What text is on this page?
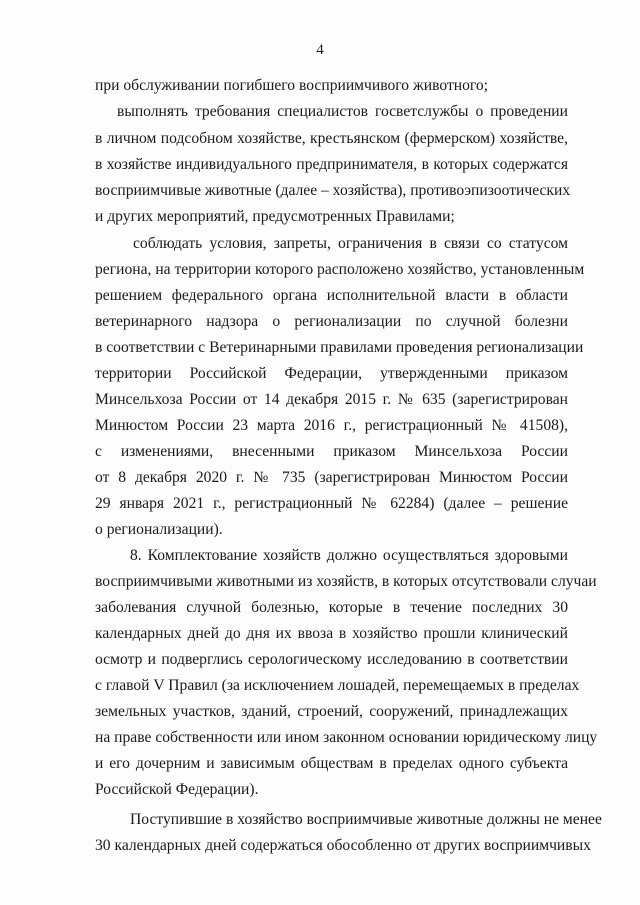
4
при обслуживании погибшего восприимчивого животного;
выполнять требования специалистов госветслужбы о проведении
в личном подсобном хозяйстве, крестьянском (фермерском) хозяйстве,
в хозяйстве индивидуального предпринимателя, в которых содержатся
восприимчивые животные (далее – хозяйства), противоэпизоотических
и других мероприятий, предусмотренных Правилами;
соблюдать условия, запреты, ограничения в связи со статусом
региона, на территории которого расположено хозяйство, установленным
решением федерального органа исполнительной власти в области
ветеринарного надзора о регионализации по случной болезни
в соответствии с Ветеринарными правилами проведения регионализации
территории Российской Федерации, утвержденными приказом
Минсельхоза России от 14 декабря 2015 г. № 635 (зарегистрирован
Минюстом России 23 марта 2016 г., регистрационный № 41508),
с изменениями, внесенными приказом Минсельхоза России
от 8 декабря 2020 г. № 735 (зарегистрирован Минюстом России
29 января 2021 г., регистрационный № 62284) (далее – решение
о регионализации).
8. Комплектование хозяйств должно осуществляться здоровыми
восприимчивыми животными из хозяйств, в которых отсутствовали случаи
заболевания случной болезнью, которые в течение последних 30
календарных дней до дня их ввоза в хозяйство прошли клинический
осмотр и подверглись серологическому исследованию в соответствии
с главой V Правил (за исключением лошадей, перемещаемых в пределах
земельных участков, зданий, строений, сооружений, принадлежащих
на праве собственности или ином законном основании юридическому лицу
и его дочерним и зависимым обществам в пределах одного субъекта
Российской Федерации).
Поступившие в хозяйство восприимчивые животные должны не менее
30 календарных дней содержаться обособленно от других восприимчивых
